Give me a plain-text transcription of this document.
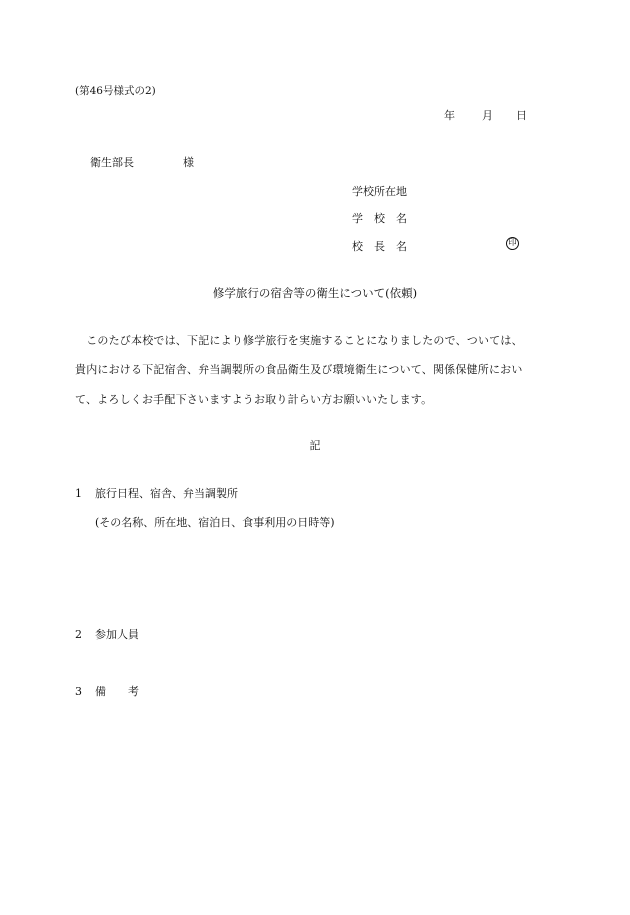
(第46号様式の2)
年 月 日
衛生部長	様
学校所在地
学　校　名
校　長　名	印
修学旅行の宿舎等の衛生について(依頼)
　このたび本校では、下記により修学旅行を実施することになりましたので、ついては、
貴内における下記宿舎、弁当調製所の食品衛生及び環境衛生について、関係保健所におい
て、よろしくお手配下さいますようお取り計らい方お願いいたします。
記
1 旅行日程、宿舎、弁当調製所
(その名称、所在地、宿泊日、食事利用の日時等)
2 参加人員
3 備　　考
